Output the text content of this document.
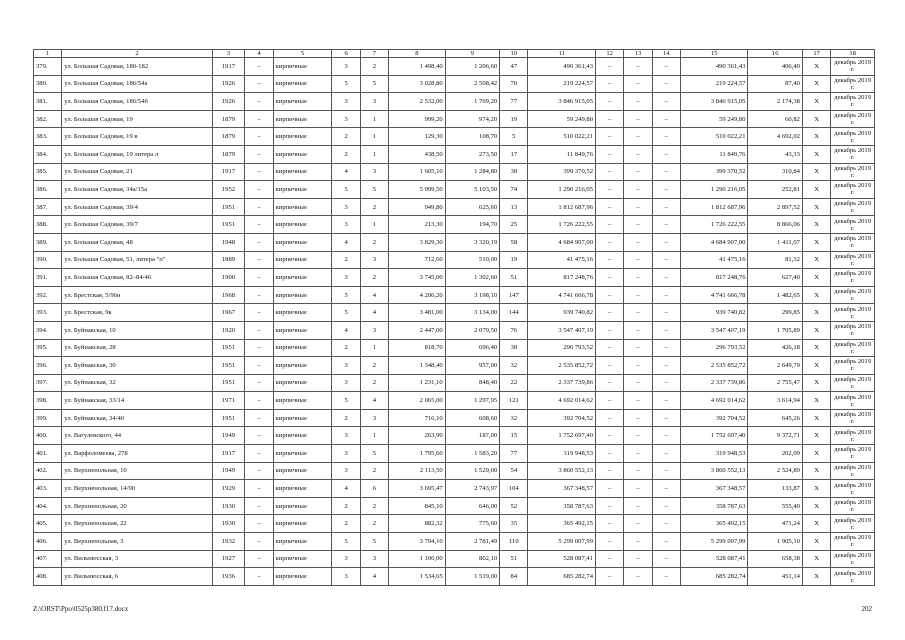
1	2	3	4	5	6	7	8	9	10	11	12	13	14	15	16	17	18
379.	ул. Большая Садовая, 180-182	1917	–	кирпичные	3	2	1 498,40	1 206,60	47	490 361,43	–	–	–	490 361,43	406,40	X	декабрь 2019 г.
380.	ул. Большая Садовая, 186/54а	1926	–	кирпичные	5	5	3 028,80	2 508,42	70	219 224,57	–	–	–	219 224,57	87,40	X	декабрь 2019 г.
381.	ул. Большая Садовая, 186/54б	1926	–	кирпичные	3	3	2 532,00	1 769,20	77	3 846 915,05	–	–	–	3 846 915,05	2 174,38	X	декабрь 2019 г.
382.	ул. Большая Садовая, 19	1879	–	кирпичные	3	1	999,20	974,20	19	59 249,80	–	–	–	59 249,80	60,82	X	декабрь 2019 г.
383.	ул. Большая Садовая, 19 в	1879	–	кирпичные	2	1	129,30	108,70	5	510 022,21	–	–	–	510 022,21	4 692,02	X	декабрь 2019 г.
384.	ул. Большая Садовая, 19 литера л	1879	–	кирпичные	2	1	438,50	273,50	17	11 849,76	–	–	–	11 849,76	43,33	X	декабрь 2019 г.
385.	ул. Большая Садовая, 21	1917	–	кирпичные	4	3	1 605,10	1 284,80	38	399 370,52	–	–	–	399 370,52	310,84	X	декабрь 2019 г.
386.	ул. Большая Садовая, 34а/15а	1952	–	кирпичные	5	5	5 999,50	5 103,50	74	1 290 216,05	–	–	–	1 290 216,05	252,81	X	декабрь 2019 г.
387.	ул. Большая Садовая, 39/4	1951	–	кирпичные	3	2	949,80	625,60	13	1 812 687,96	–	–	–	1 812 687,96	2 897,52	X	декабрь 2019 г.
388.	ул. Большая Садовая, 39/7	1951	–	кирпичные	3	1	213,30	194,70	25	1 726 222,55	–	–	–	1 726 222,55	8 866,06	X	декабрь 2019 г.
389.	ул. Большая Садовая, 48	1948	–	кирпичные	4	2	3 829,30	3 320,19	58	4 684 907,00	–	–	–	4 684 907,00	1 411,07	X	декабрь 2019 г.
390.	ул. Большая Садовая, 51, литера "п"	1889	–	кирпичные	2	3	712,60	510,00	19	41 475,16	–	–	–	41 475,16	81,32	X	декабрь 2019 г.
391.	ул. Большая Садовая, 82–84/46	1900	–	кирпичные	3	2	3 745,00	1 302,60	51	817 248,76	–	–	–	817 248,76	627,40	X	декабрь 2019 г.
392.	ул. Брестская, 5/96н	1968	–	кирпичные	5	4	4 206,20	3 198,10	147	4 741 666,78	–	–	–	4 741 666,78	1 482,65	X	декабрь 2019 г.
393.	ул. Брестская, 9к	1967	–	кирпичные	5	4	3 481,00	3 134,00	144	939 740,82	–	–	–	939 740,82	299,85	X	декабрь 2019 г.
394.	ул. Буйнакская, 10	1920	–	кирпичные	4	3	2 447,00	2 079,50	76	3 547 407,19	–	–	–	3 547 407,19	1 705,89	X	декабрь 2019 г.
395.	ул. Буйнакская, 28	1951	–	кирпичные	2	1	818,70	696,40	38	296 793,52	–	–	–	296 793,52	426,18	X	декабрь 2019 г.
396.	ул. Буйнакская, 30	1951	–	кирпичные	3	2	1 348,40	957,00	32	2 535 852,72	–	–	–	2 535 852,72	2 649,79	X	декабрь 2019 г.
397.	ул. Буйнакская, 32	1951	–	кирпичные	3	2	1 231,10	848,40	22	2 337 739,86	–	–	–	2 337 739,86	2 755,47	X	декабрь 2019 г.
398.	ул. Буйнакская, 33/14	1971	–	кирпичные	5	4	2 065,00	1 297,95	121	4 692 014,62	–	–	–	4 692 014,62	3 614,94	X	декабрь 2019 г.
399.	ул. Буйнакская, 34/40	1951	–	кирпичные	2	3	716,10	608,60	32	392 704,52	–	–	–	392 704,52	645,26	X	декабрь 2019 г.
400.	ул. Вагулевского, 44	1949	–	кирпичные	3	1	263,90	187,00	15	1 752 697,40	–	–	–	1 752 697,40	9 372,71	X	декабрь 2019 г.
401.	ул. Варфоломеева, 278	1917	–	кирпичные	3	5	1 795,60	1 583,20	77	319 948,53	–	–	–	319 948,53	202,09	X	декабрь 2019 г.
402.	ул. Верхненольная, 10	1949	–	кирпичные	3	2	2 113,50	1 529,00	54	3 860 552,13	–	–	–	3 860 552,13	2 524,89	X	декабрь 2019 г.
403.	ул. Верхненольная, 14/90	1929	–	кирпичные	4	6	3 695,47	2 743,97	104	367 348,57	–	–	–	367 348,57	133,87	X	декабрь 2019 г.
404.	ул. Верхненольная, 20	1930	–	кирпичные	2	2	845,10	646,00	52	358 787,63	–	–	–	358 787,63	555,40	X	декабрь 2019 г.
405.	ул. Верхненольная, 22	1930	–	кирпичные	2	2	882,32	775,60	35	365 492,15	–	–	–	365 492,15	471,24	X	декабрь 2019 г.
406.	ул. Верхненольная, 3	1932	–	кирпичные	5	5	3 794,10	2 781,49	110	5 299 007,99	–	–	–	5 299 007,99	1 905,10	X	декабрь 2019 г.
407.	ул. Вильнюсская, 3	1927	–	кирпичные	3	3	1 106,00	802,10	51	528 087,41	–	–	–	528 087,41	658,38	X	декабрь 2019 г.
408.	ул. Вильнюсская, 6	1936	–	кирпичные	3	4	1 534,65	1 519,00	84	685 282,74	–	–	–	685 282,74	451,14	X	декабрь 2019 г.
Z:\ORST\Ppo\0525p380.f17.docx	202
